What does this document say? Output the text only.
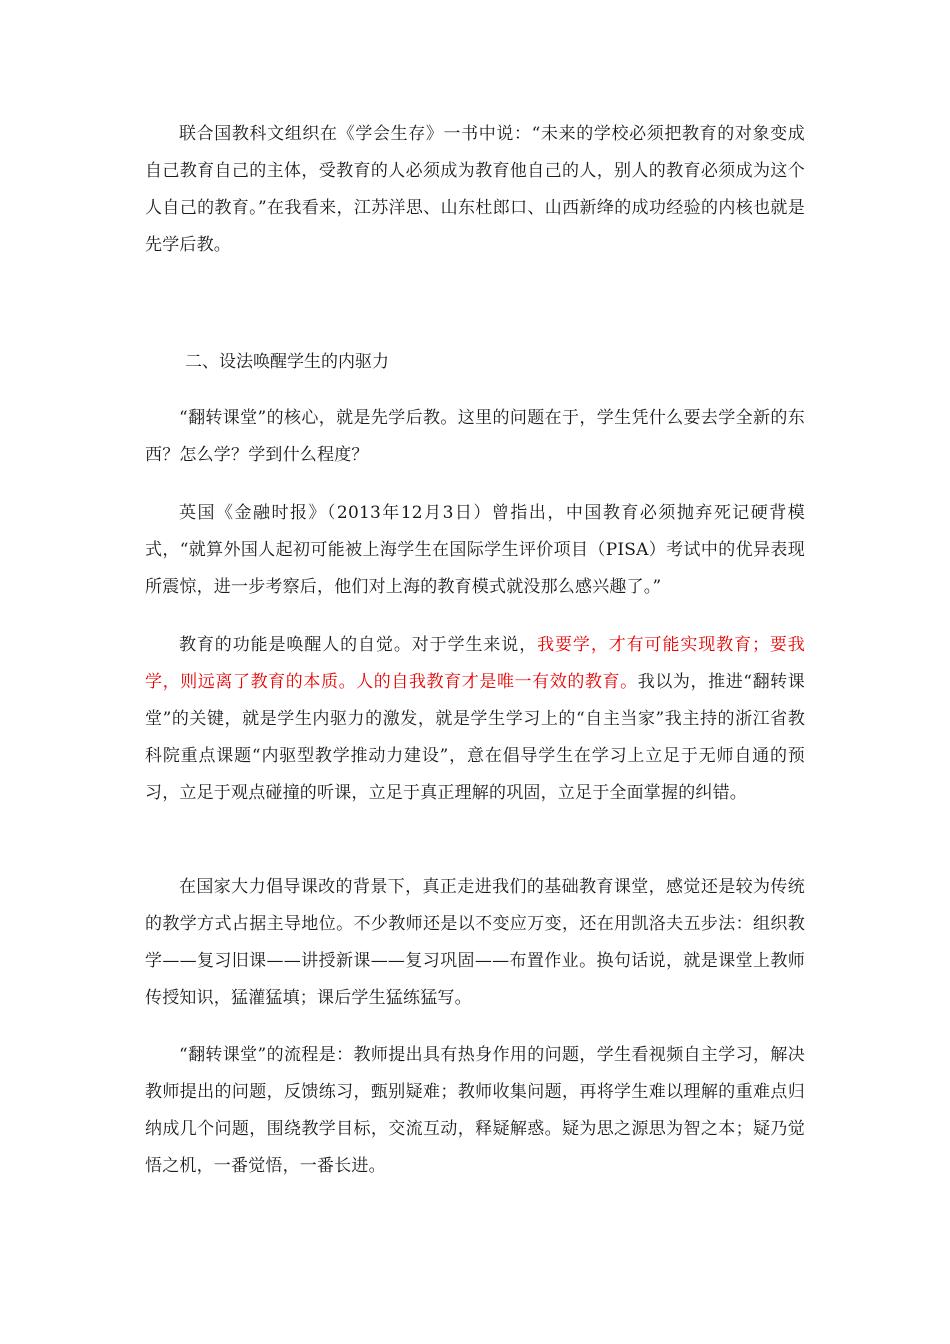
联合国教科文组织在《学会生存》一书中说：“未来的学校必须把教育的对象变成自己教育自己的主体，受教育的人必须成为教育他自己的人，别人的教育必须成为这个人自己的教育。”在我看来，江苏洋思、山东杜郎口、山西新绛的成功经验的内核也就是先学后教。

二、设法唤醒学生的内驱力

“翻转课堂”的核心，就是先学后教。这里的问题在于，学生凭什么要去学全新的东西？怎么学？学到什么程度？

英国《金融时报》（2013年12月3日）曾指出，中国教育必须抛弃死记硬背模式，“就算外国人起初可能被上海学生在国际学生评价项目（PISA）考试中的优异表现所震惊，进一步考察后，他们对上海的教育模式就没那么感兴趣了。”

教育的功能是唤醒人的自觉。对于学生来说，我要学，才有可能实现教育；要我学，则远离了教育的本质。人的自我教育才是唯一有效的教育。我以为，推进“翻转课堂”的关键，就是学生内驱力的激发，就是学生学习上的“自主当家”我主持的浙江省教科院重点课题“内驱型教学推动力建设”，意在倡导学生在学习上立足于无师自通的预习，立足于观点碰撞的听课，立足于真正理解的巩固，立足于全面掌握的纠错。

在国家大力倡导课改的背景下，真正走进我们的基础教育课堂，感觉还是较为传统的教学方式占据主导地位。不少教师还是以不变应万变，还在用凯洛夫五步法：组织教学——复习旧课——讲授新课——复习巩固——布置作业。换句话说，就是课堂上教师传授知识，猛灌猛填；课后学生猛练猛写。

“翻转课堂”的流程是：教师提出具有热身作用的问题，学生看视频自主学习，解决教师提出的问题，反馈练习，甄别疑难；教师收集问题，再将学生难以理解的重难点归纳成几个问题，围绕教学目标，交流互动，释疑解惑。疑为思之源思为智之本；疑乃觉悟之机，一番觉悟，一番长进。
